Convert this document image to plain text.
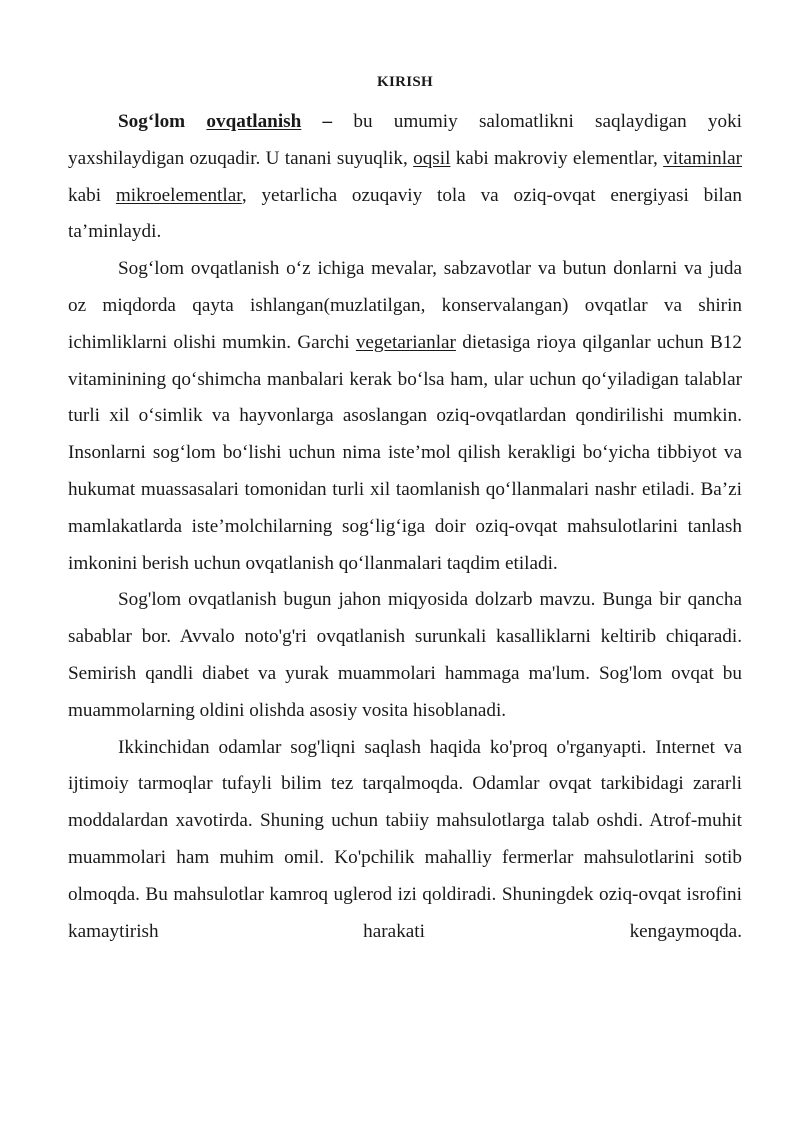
KIRISH

Sog‘lom ovqatlanish – bu umumiy salomatlikni saqlaydigan yoki yaxshilaydigan ozuqadir. U tanani suyuqlik, oqsil kabi makroviy elementlar, vitaminlar kabi mikroelementlar, yetarlicha ozuqaviy tola va oziq-ovqat energiyasi bilan ta’minlaydi.

Sog‘lom ovqatlanish o‘z ichiga mevalar, sabzavotlar va butun donlarni va juda oz miqdorda qayta ishlangan(muzlatilgan, konservalangan) ovqatlar va shirin ichimliklarni olishi mumkin. Garchi vegetarianlar dietasiga rioya qilganlar uchun B12 vitaminining qo‘shimcha manbalari kerak bo‘lsa ham, ular uchun qo‘yiladigan talablar turli xil o‘simlik va hayvonlarga asoslangan oziq-ovqatlardan qondirilishi mumkin. Insonlarni sog‘lom bo‘lishi uchun nima iste’mol qilish kerakligi bo‘yicha tibbiyot va hukumat muassasalari tomonidan turli xil taomlanish qo‘llanmalari nashr etiladi. Ba’zi mamlakatlarda iste’molchilarning sog‘lig‘iga doir oziq-ovqat mahsulotlarini tanlash imkonini berish uchun ovqatlanish qo‘llanmalari taqdim etiladi.

Sog'lom ovqatlanish bugun jahon miqyosida dolzarb mavzu. Bunga bir qancha sabablar bor. Avvalo noto'g'ri ovqatlanish surunkali kasalliklarni keltirib chiqaradi. Semirish qandli diabet va yurak muammolari hammaga ma'lum. Sog'lom ovqat bu muammolarning oldini olishda asosiy vosita hisoblanadi.

Ikkinchidan odamlar sog'liqni saqlash haqida ko'proq o'rganyapti. Internet va ijtimoiy tarmoqlar tufayli bilim tez tarqalmoqda. Odamlar ovqat tarkibidagi zararli moddalardan xavotirda. Shuning uchun tabiiy mahsulotlarga talab oshdi. Atrof-muhit muammolari ham muhim omil. Ko'pchilik mahalliy fermerlar mahsulotlarini sotib olmoqda. Bu mahsulotlar kamroq uglerod izi qoldiradi. Shuningdek oziq-ovqat isrofini kamaytirish harakati kengaymoqda.
